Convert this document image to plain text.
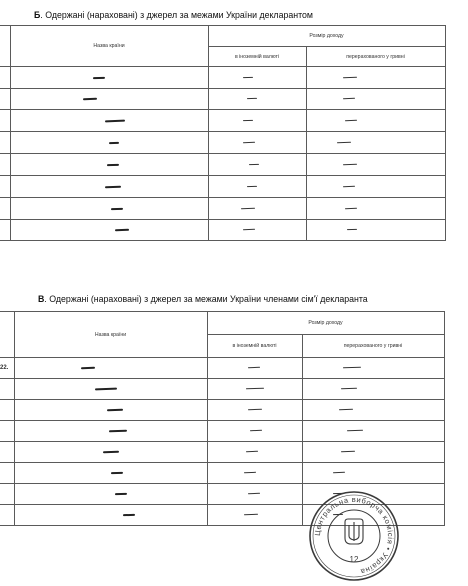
Б. Одержані (нараховані) з джерел за межами України декларантом
	Назва країни	Розмір доходу	
		в іноземній валюті	перерахованого у гривні

В. Одержані (нараховані) з джерел за межами України членами сім'ї декларанта
	Назва країни	Розмір доходу	
		в іноземній валюті	перерахованого у гривні
22.	

Центральна виборча комісія • Україна
12
